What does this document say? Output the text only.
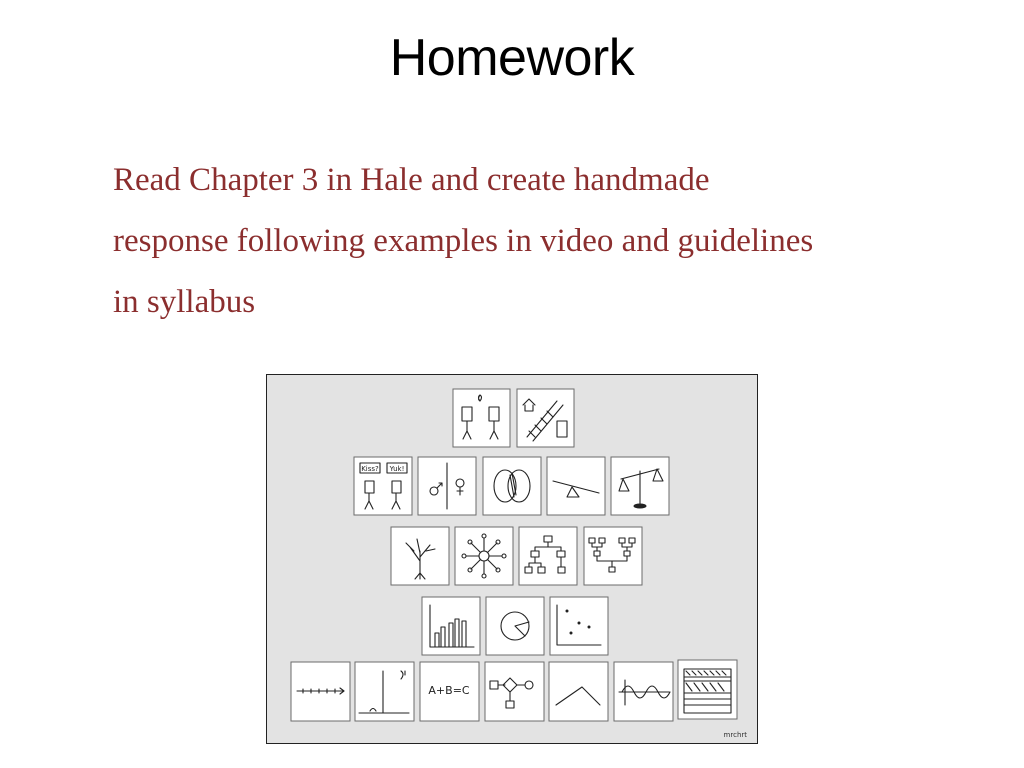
Homework
Read Chapter 3 in Hale and create handmade
response following examples in video and guidelines
in syllabus
Kiss? Yuk!
A+B=C
mrchrt
